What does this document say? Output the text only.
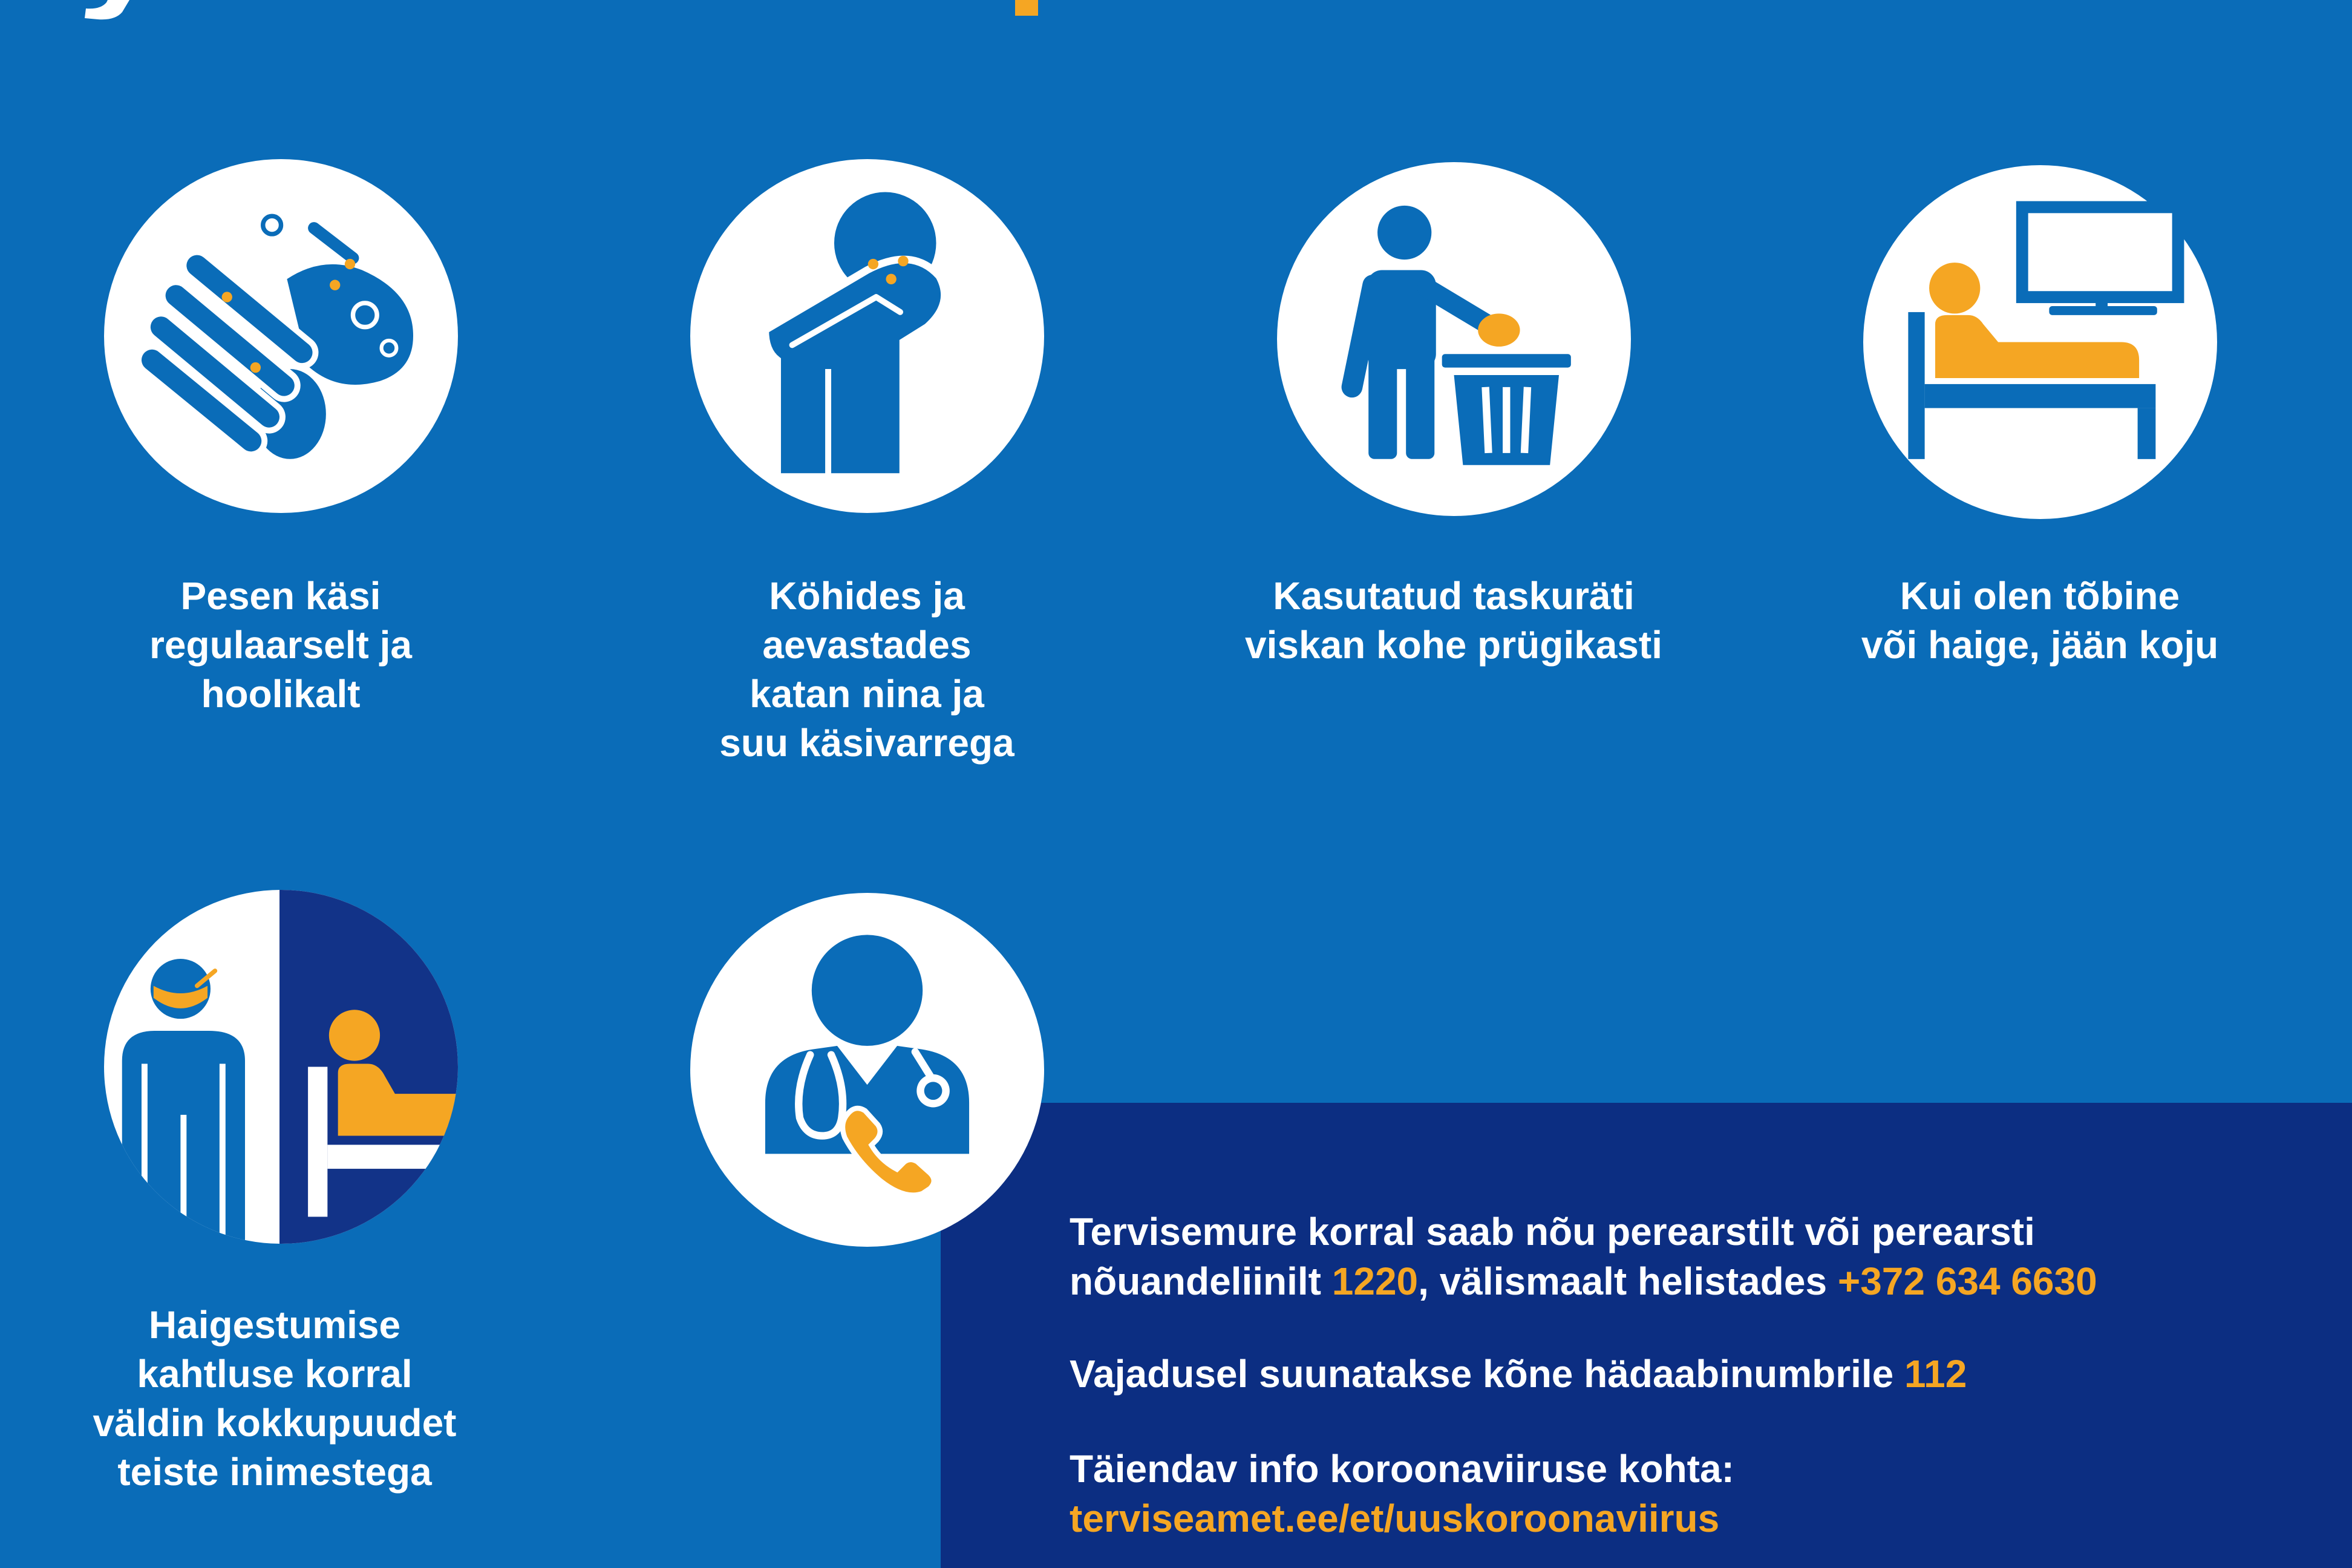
Pesen käsi
regulaarselt ja
hoolikalt
Köhides ja
aevastades
katan nina ja
suu käsivarrega
Kasutatud taskuräti
viskan kohe prügikasti
Kui olen tõbine
või haige, jään koju
Haigestumise
kahtluse korral
väldin kokkupuudet
teiste inimestega
Tervisemure korral saab nõu perearstilt või perearsti
nõuandeliinilt 1220, välismaalt helistades +372 634 6630
Vajadusel suunatakse kõne hädaabinumbrile 112
Täiendav info koroonaviiruse kohta:
terviseamet.ee/et/uuskoroonaviirus
